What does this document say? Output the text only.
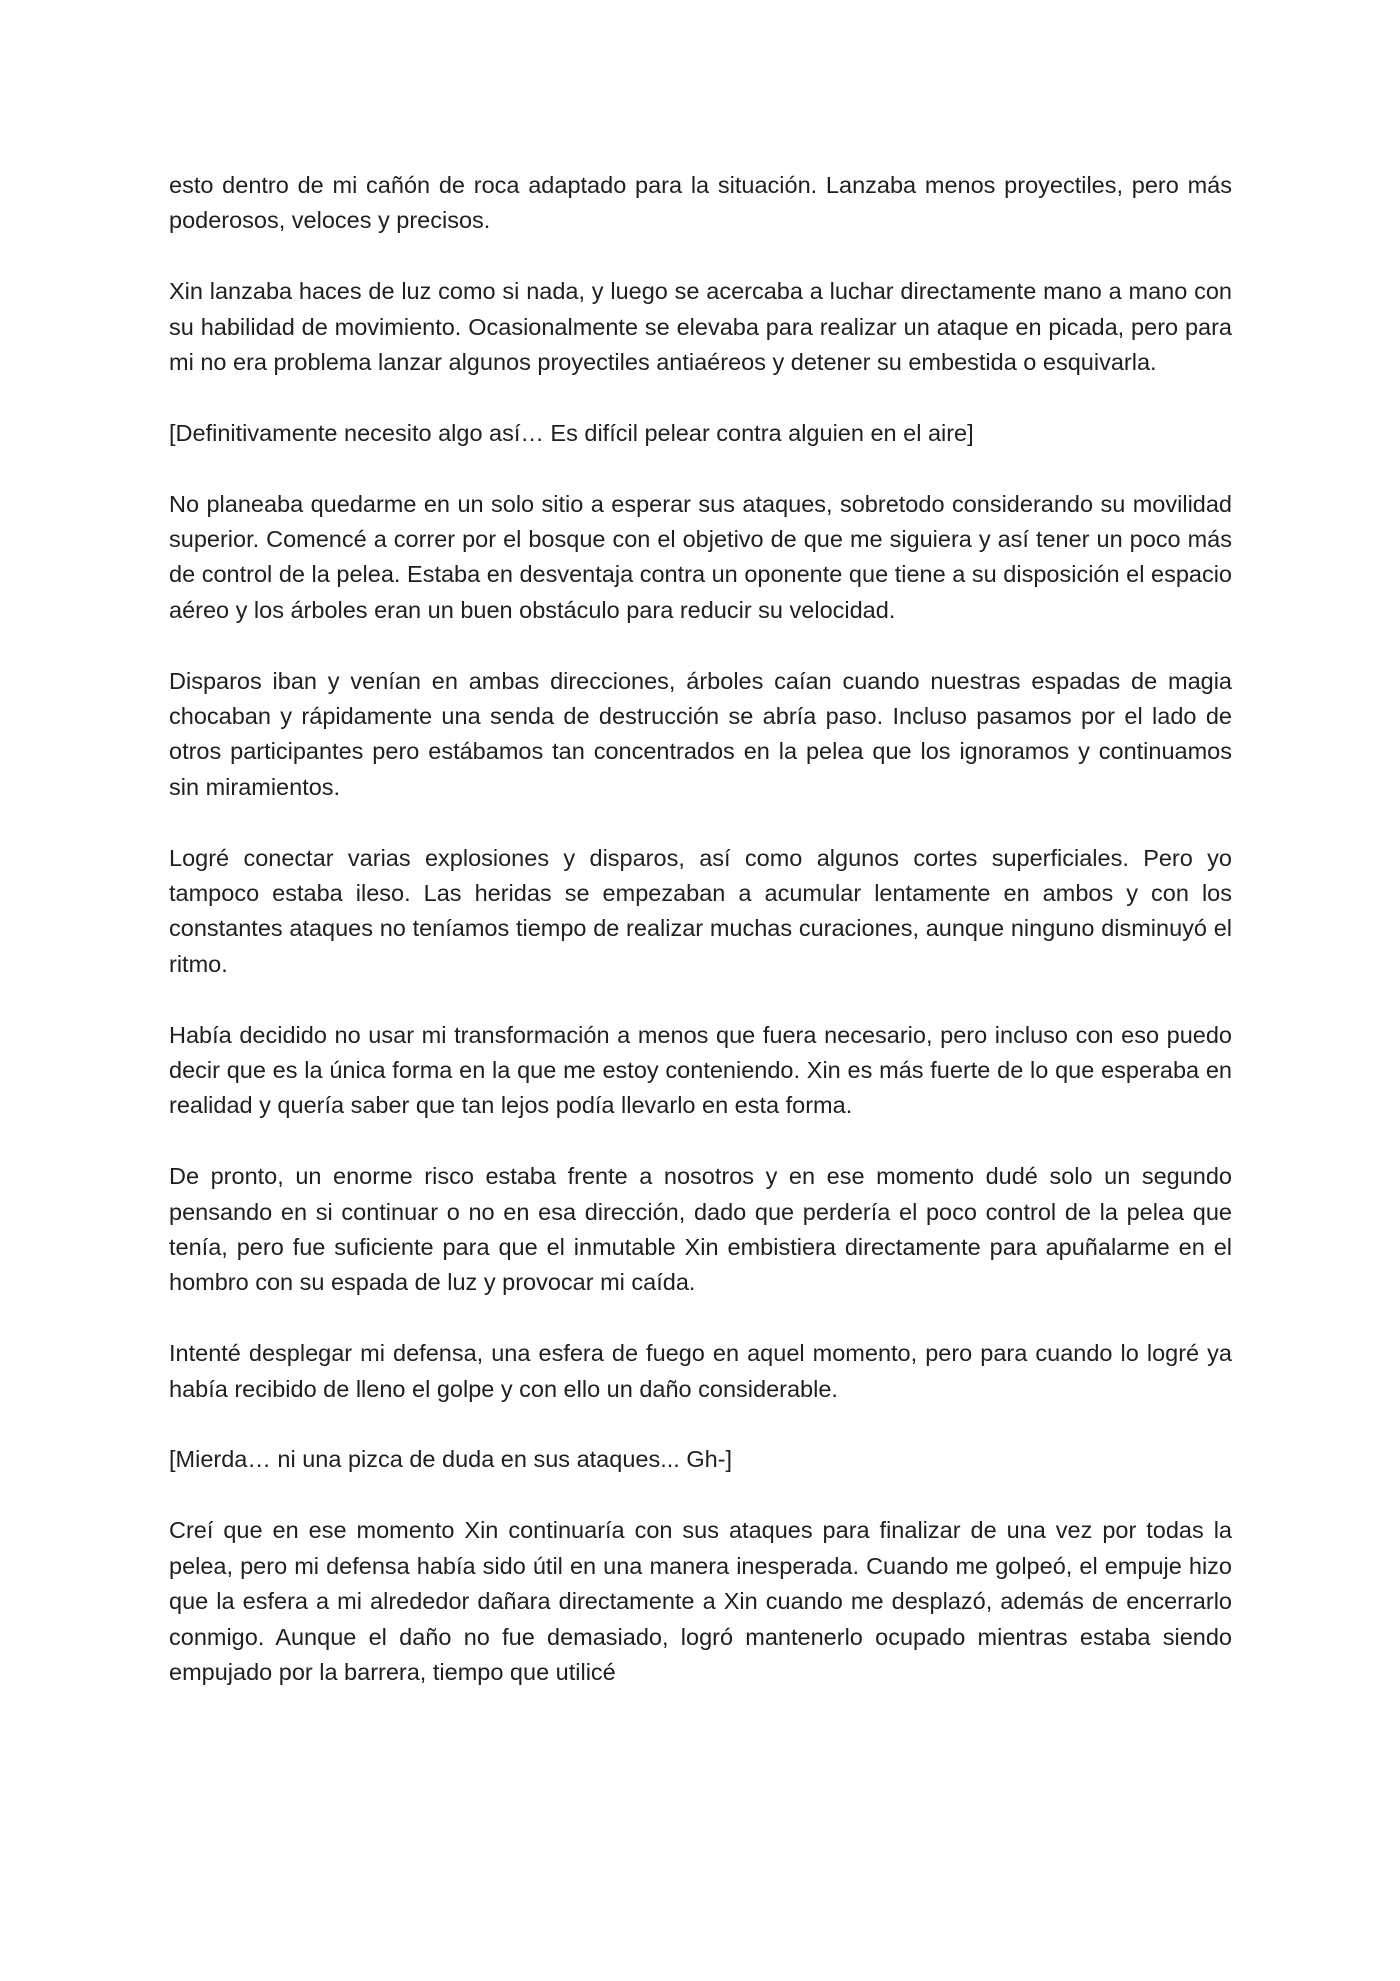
esto dentro de mi cañón de roca adaptado para la situación. Lanzaba menos proyectiles, pero más poderosos, veloces y precisos.

Xin lanzaba haces de luz como si nada, y luego se acercaba a luchar directamente mano a mano con su habilidad de movimiento. Ocasionalmente se elevaba para realizar un ataque en picada, pero para mi no era problema lanzar algunos proyectiles antiaéreos y detener su embestida o esquivarla.

[Definitivamente necesito algo así… Es difícil pelear contra alguien en el aire]

No planeaba quedarme en un solo sitio a esperar sus ataques, sobretodo considerando su movilidad superior. Comencé a correr por el bosque con el objetivo de que me siguiera y así tener un poco más de control de la pelea. Estaba en desventaja contra un oponente que tiene a su disposición el espacio aéreo y los árboles eran un buen obstáculo para reducir su velocidad.

Disparos iban y venían en ambas direcciones, árboles caían cuando nuestras espadas de magia chocaban y rápidamente una senda de destrucción se abría paso. Incluso pasamos por el lado de otros participantes pero estábamos tan concentrados en la pelea que los ignoramos y continuamos sin miramientos.

Logré conectar varias explosiones y disparos, así como algunos cortes superficiales. Pero yo tampoco estaba ileso. Las heridas se empezaban a acumular lentamente en ambos y con los constantes ataques no teníamos tiempo de realizar muchas curaciones, aunque ninguno disminuyó el ritmo.

Había decidido no usar mi transformación a menos que fuera necesario, pero incluso con eso puedo decir que es la única forma en la que me estoy conteniendo. Xin es más fuerte de lo que esperaba en realidad y quería saber que tan lejos podía llevarlo en esta forma.

De pronto, un enorme risco estaba frente a nosotros y en ese momento dudé solo un segundo pensando en si continuar o no en esa dirección, dado que perdería el poco control de la pelea que tenía, pero fue suficiente para que el inmutable Xin embistiera directamente para apuñalarme en el hombro con su espada de luz y provocar mi caída.

Intenté desplegar mi defensa, una esfera de fuego en aquel momento, pero para cuando lo logré ya había recibido de lleno el golpe y con ello un daño considerable.

[Mierda… ni una pizca de duda en sus ataques... Gh-]

Creí que en ese momento Xin continuaría con sus ataques para finalizar de una vez por todas la pelea, pero mi defensa había sido útil en una manera inesperada. Cuando me golpeó, el empuje hizo que la esfera a mi alrededor dañara directamente a Xin cuando me desplazó, además de encerrarlo conmigo. Aunque el daño no fue demasiado, logró mantenerlo ocupado mientras estaba siendo empujado por la barrera, tiempo que utilicé
